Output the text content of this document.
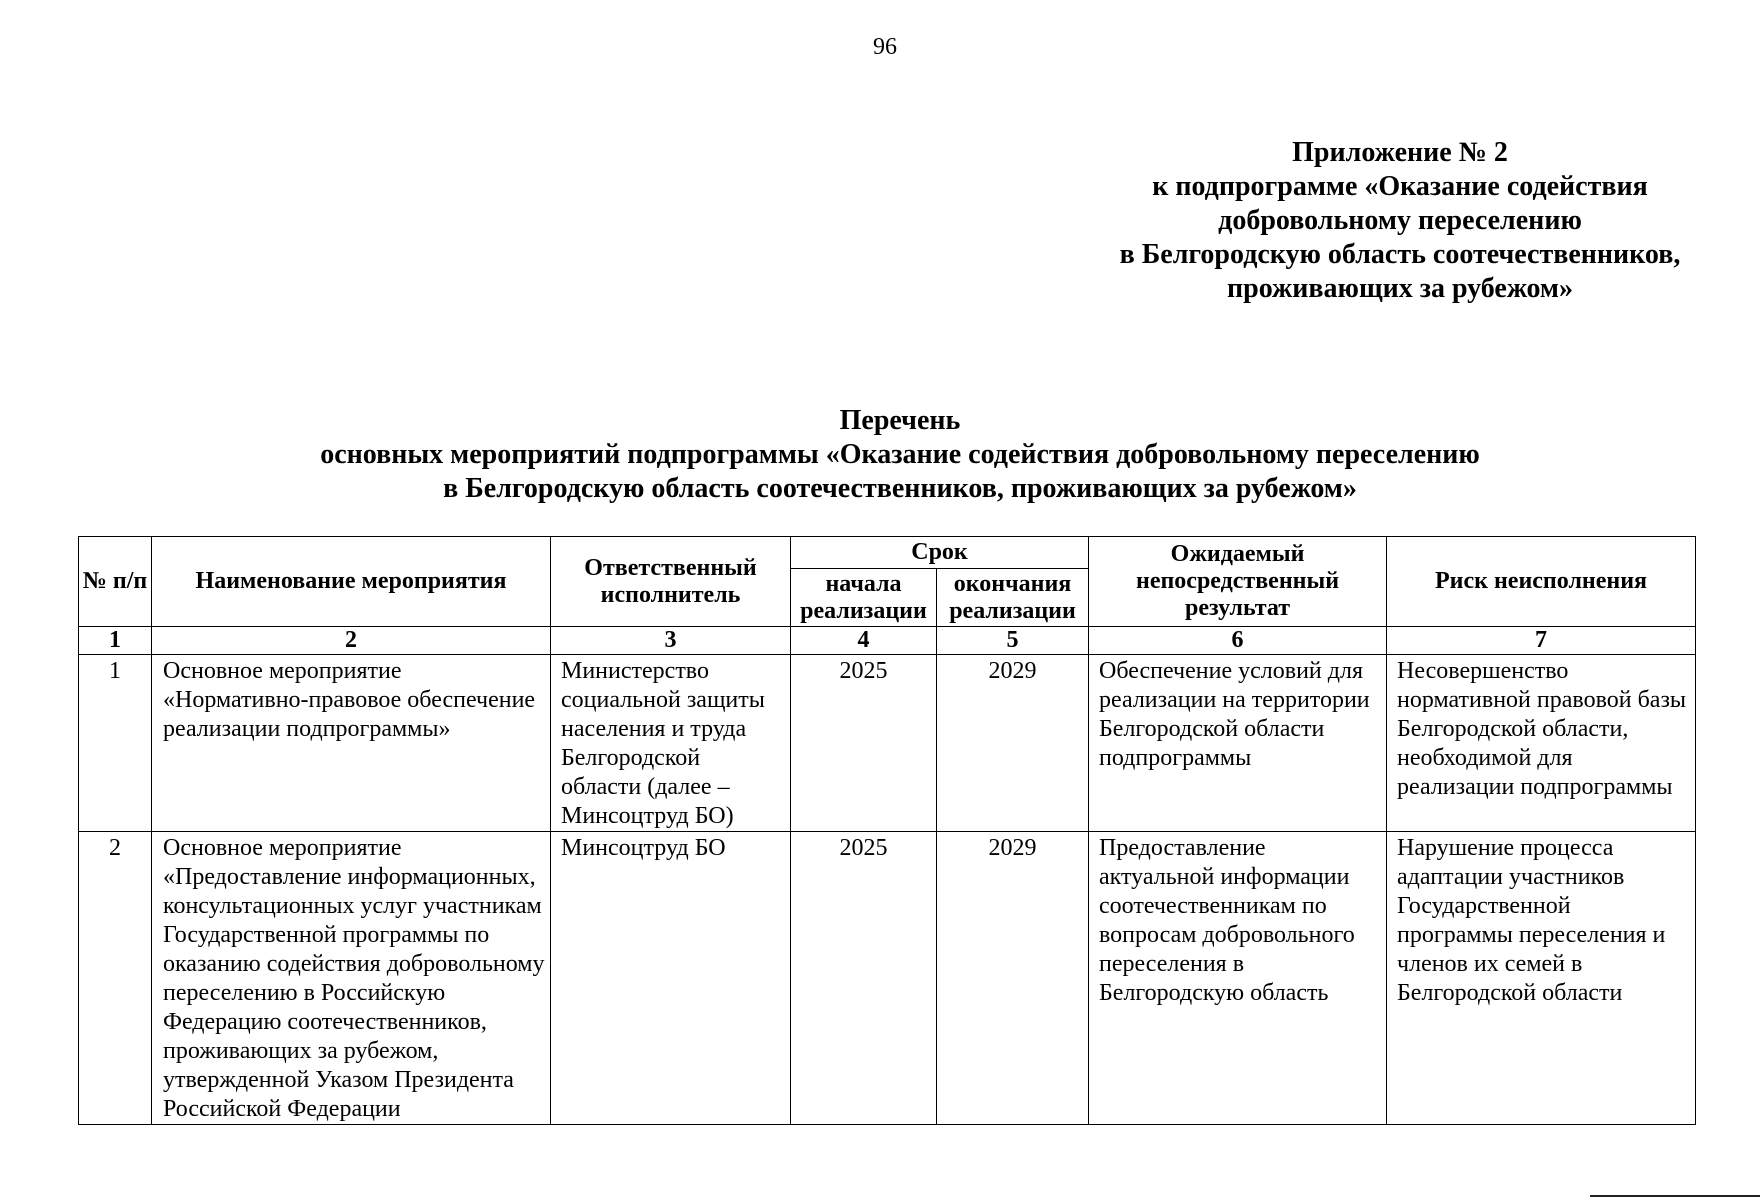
96
Приложение № 2
к подпрограмме «Оказание содействия
добровольному переселению
в Белгородскую область соотечественников,
проживающих за рубежом»
Перечень
основных мероприятий подпрограммы «Оказание содействия добровольному переселению
в Белгородскую область соотечественников, проживающих за рубежом»
№ п/п	Наименование мероприятия	Ответственный исполнитель	Срок		Ожидаемый непосредственный результат	Риск неисполнения
			начала реализации	окончания реализации		
1	2	3	4	5	6	7
1	Основное мероприятие «Нормативно-правовое обеспечение реализации подпрограммы»	Министерство социальной защиты населения и труда Белгородской области (далее – Минсоцтруд БО)	2025	2029	Обеспечение условий для реализации на территории Белгородской области подпрограммы	Несовершенство нормативной правовой базы Белгородской области, необходимой для реализации подпрограммы
2	Основное мероприятие «Предоставление информационных, консультационных услуг участникам Государственной программы по оказанию содействия добровольному переселению в Российскую Федерацию соотечественников, проживающих за рубежом, утвержденной Указом Президента Российской Федерации	Минсоцтруд БО	2025	2029	Предоставление актуальной информации соотечественникам по вопросам добровольного переселения в Белгородскую область	Нарушение процесса адаптации участников Государственной программы переселения и членов их семей в Белгородской области
